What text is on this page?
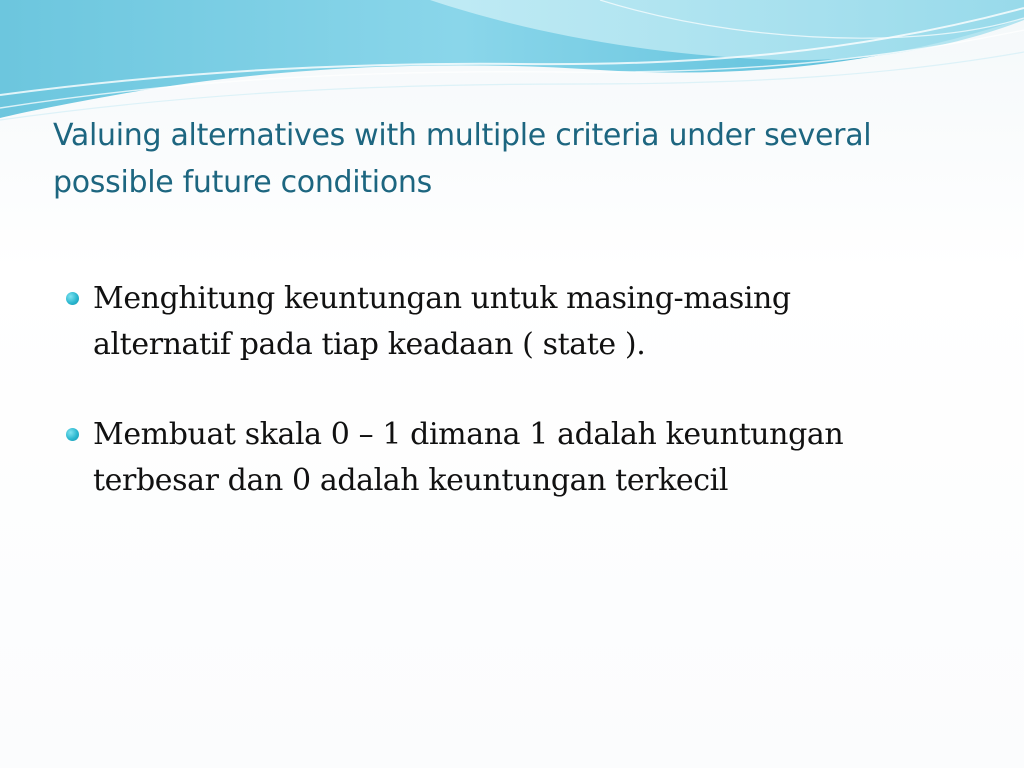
Valuing alternatives with multiple criteria under several possible future conditions
Menghitung keuntungan untuk masing-masing alternatif pada tiap keadaan ( state ).
Membuat skala 0 – 1 dimana 1 adalah keuntungan terbesar dan 0 adalah keuntungan terkecil
